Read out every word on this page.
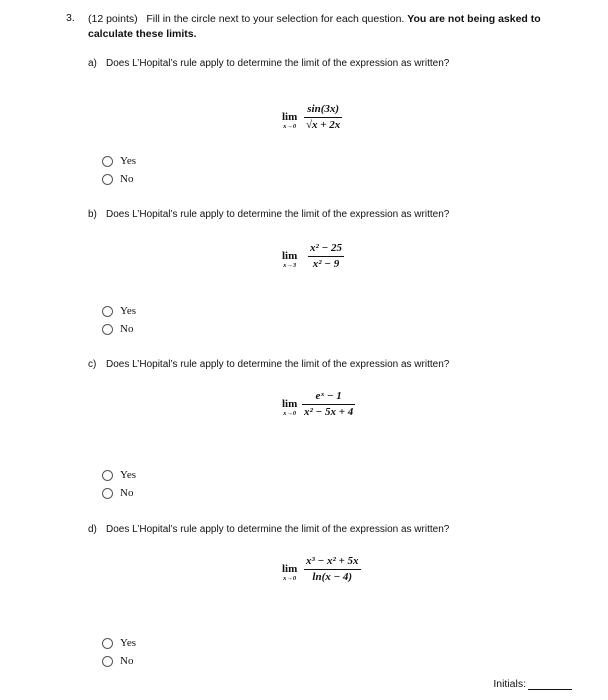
3. (12 points) Fill in the circle next to your selection for each question. You are not being asked to calculate these limits.
a) Does L’Hopital’s rule apply to determine the limit of the expression as written?
lim
x→0
sin(3x)
√x + 2x
Yes
No
b) Does L’Hopital’s rule apply to determine the limit of the expression as written?
lim
x→3
x² − 25
x² − 9
Yes
No
c) Does L’Hopital’s rule apply to determine the limit of the expression as written?
lim
x→0
eˣ − 1
x² − 5x + 4
Yes
No
d) Does L’Hopital’s rule apply to determine the limit of the expression as written?
lim
x→0
x³ − x² + 5x
ln(x − 4)
Yes
No
Initials:
